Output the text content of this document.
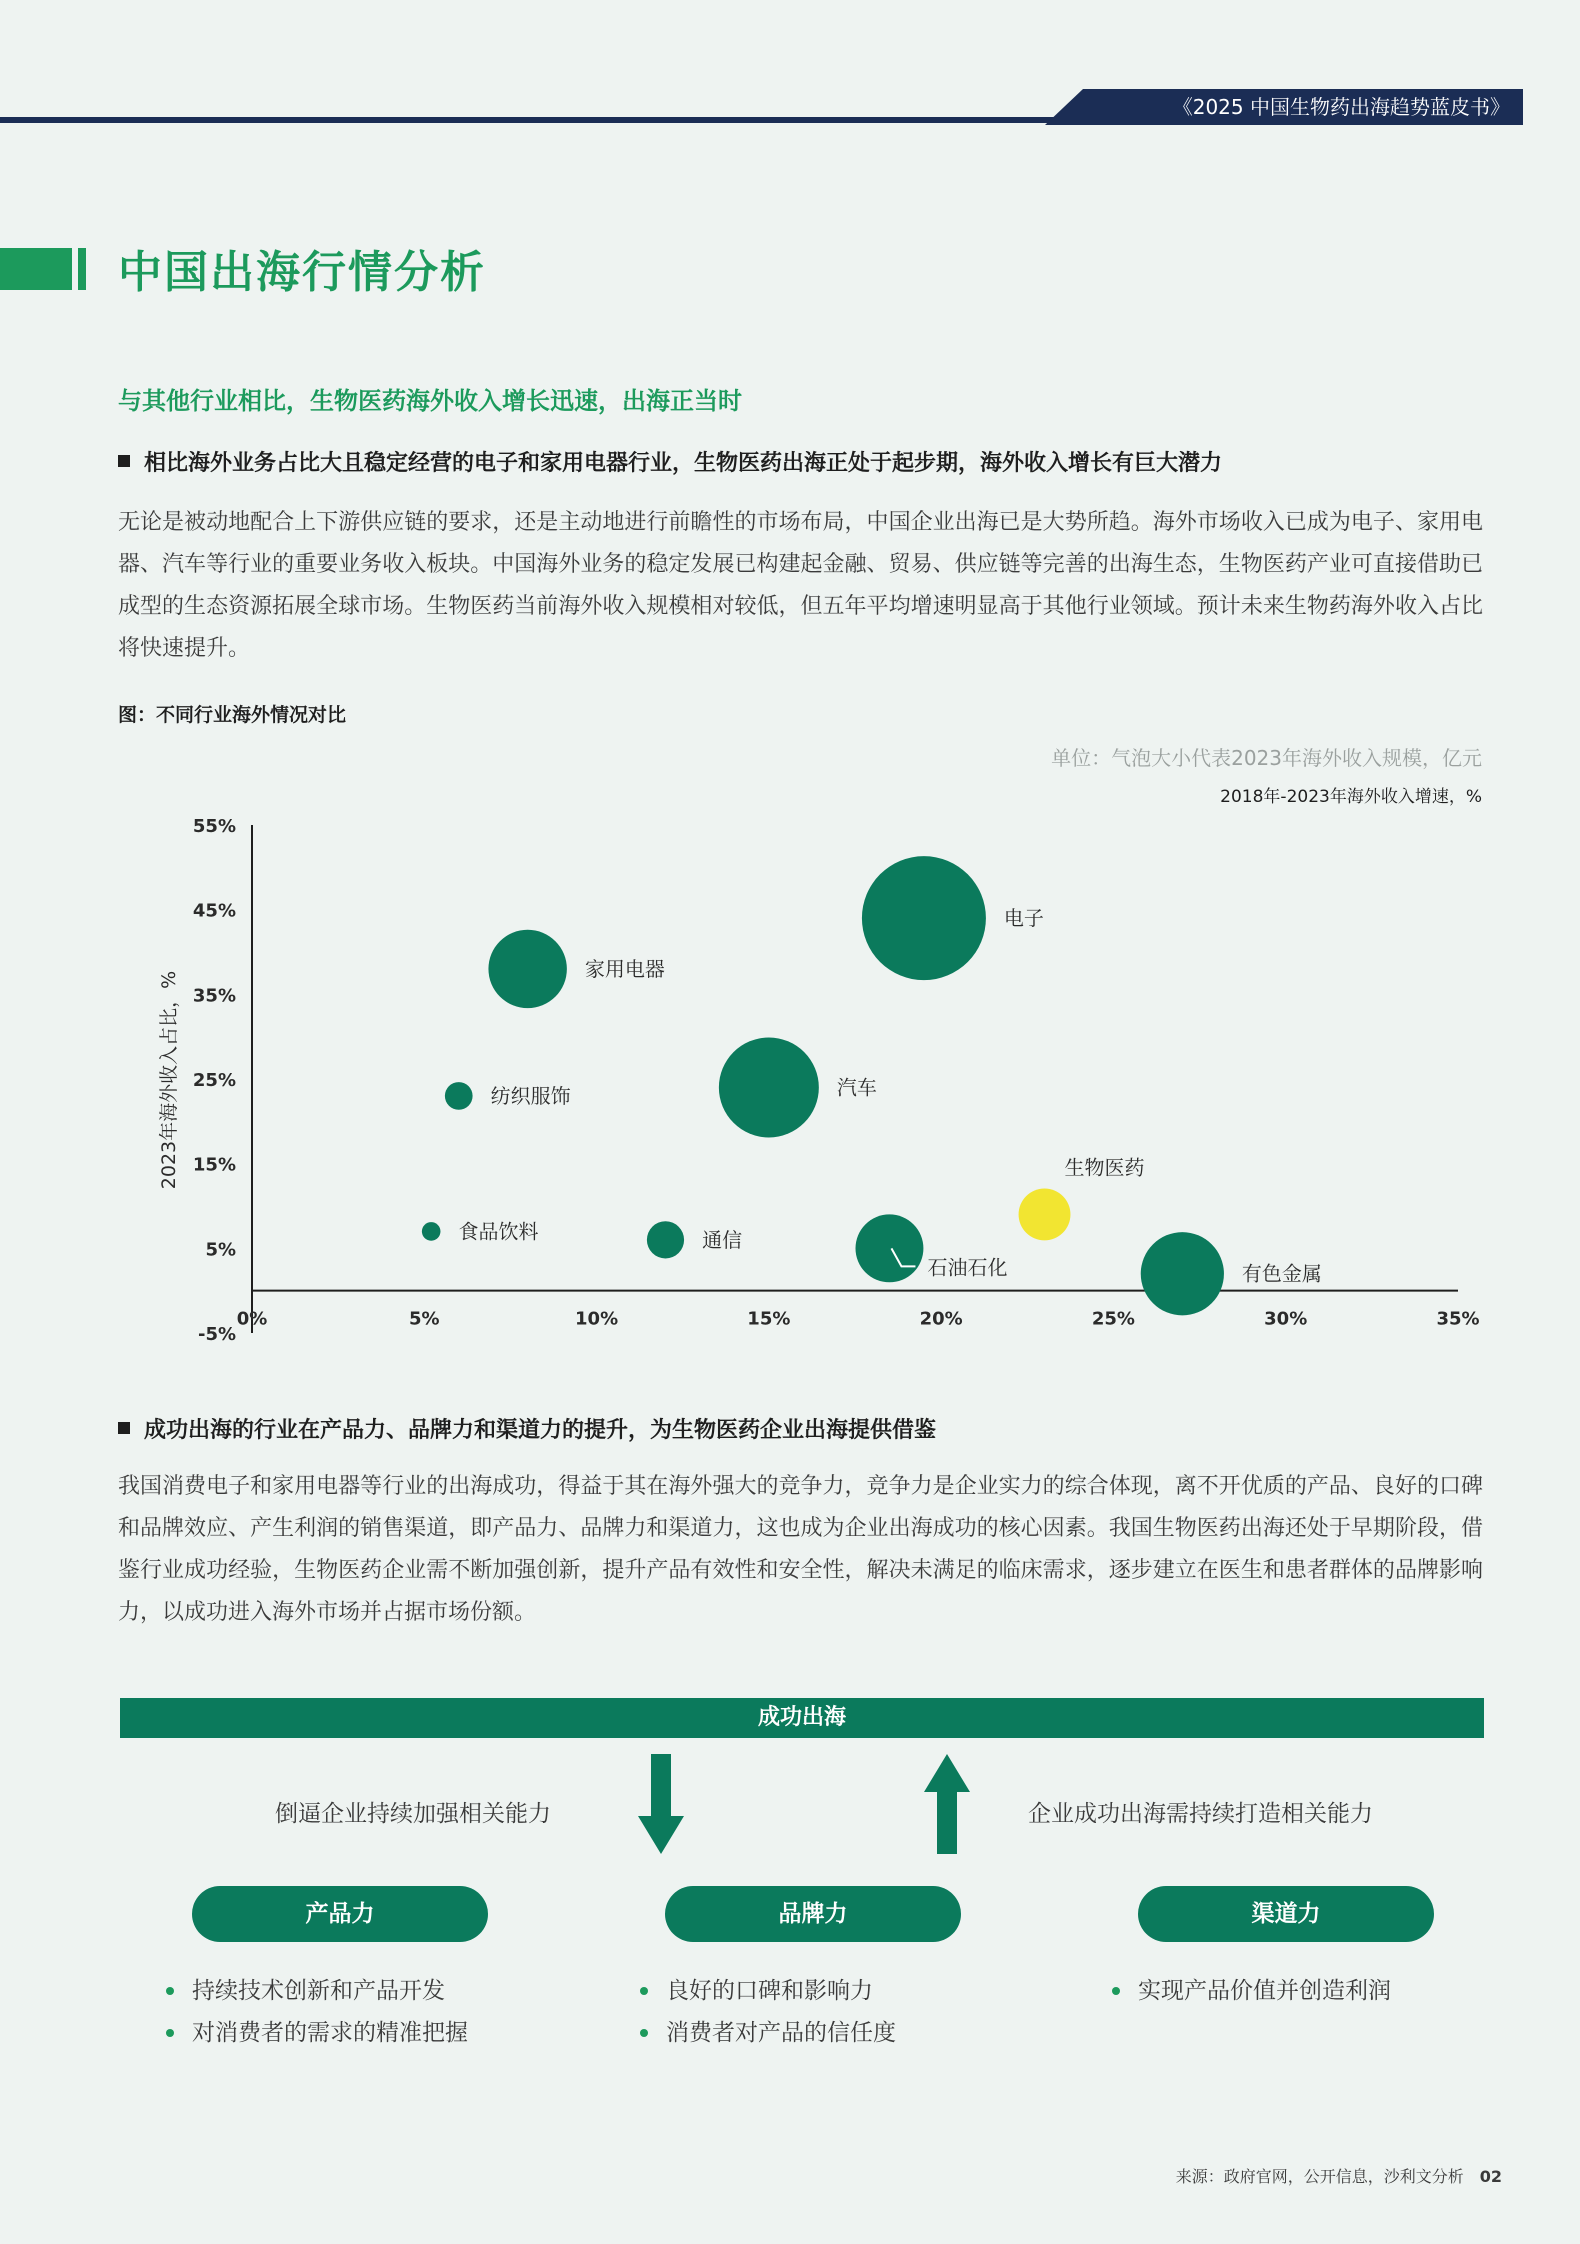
《2025 中国生物药出海趋势蓝皮书》
中国出海行情分析
与其他行业相比，生物医药海外收入增长迅速，出海正当时
相比海外业务占比大且稳定经营的电子和家用电器行业，生物医药出海正处于起步期，海外收入增长有巨大潜力
无论是被动地配合上下游供应链的要求，还是主动地进行前瞻性的市场布局，中国企业出海已是大势所趋。海外市场收入已成为电子、家用电器、汽车等行业的重要业务收入板块。中国海外业务的稳定发展已构建起金融、贸易、供应链等完善的出海生态，生物医药产业可直接借助已成型的生态资源拓展全球市场。生物医药当前海外收入规模相对较低，但五年平均增速明显高于其他行业领域。预计未来生物药海外收入占比将快速提升。
图：不同行业海外情况对比
单位：气泡大小代表2023年海外收入规模，亿元
2018年-2023年海外收入增速，%
-5%
5%
15%
25%
35%
45%
55%
0%	5%	10%	15%	20%	25%	30%	35%
电子
家用电器
汽车
纺织服饰
食品饮料	通信
石油石化
生物医药
有色金属
2023年海外收入占比，%
成功出海的行业在产品力、品牌力和渠道力的提升，为生物医药企业出海提供借鉴
我国消费电子和家用电器等行业的出海成功，得益于其在海外强大的竞争力，竞争力是企业实力的综合体现，离不开优质的产品、良好的口碑和品牌效应、产生利润的销售渠道，即产品力、品牌力和渠道力，这也成为企业出海成功的核心因素。我国生物医药出海还处于早期阶段，借鉴行业成功经验，生物医药企业需不断加强创新，提升产品有效性和安全性，解决未满足的临床需求，逐步建立在医生和患者群体的品牌影响力，以成功进入海外市场并占据市场份额。
成功出海
倒逼企业持续加强相关能力	企业成功出海需持续打造相关能力
产品力	品牌力	渠道力
持续技术创新和产品开发
对消费者的需求的精准把握
良好的口碑和影响力
消费者对产品的信任度
实现产品价值并创造利润
来源：政府官网，公开信息，沙利文分析 02
